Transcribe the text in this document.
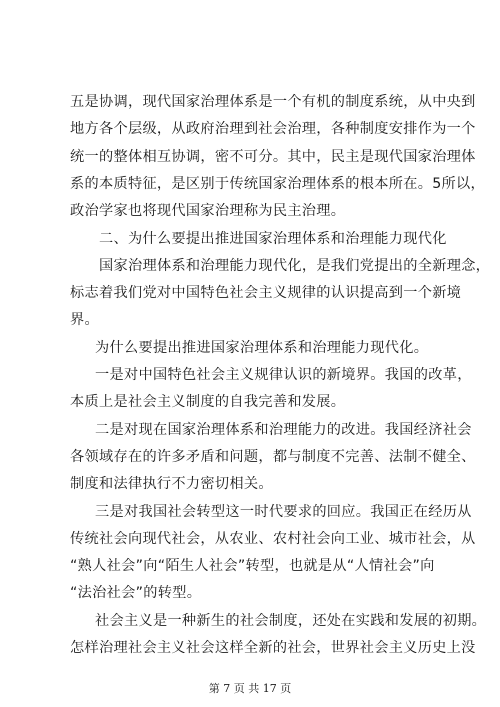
五是协调，现代国家治理体系是一个有机的制度系统，从中央到
地方各个层级，从政府治理到社会治理，各种制度安排作为一个
统一的整体相互协调，密不可分。其中，民主是现代国家治理体
系的本质特征，是区别于传统国家治理体系的根本所在。5所以，
政治学家也将现代国家治理称为民主治理。
二、为什么要提出推进国家治理体系和治理能力现代化
国家治理体系和治理能力现代化，是我们党提出的全新理念，
标志着我们党对中国特色社会主义规律的认识提高到一个新境
界。
为什么要提出推进国家治理体系和治理能力现代化。
一是对中国特色社会主义规律认识的新境界。我国的改革，
本质上是社会主义制度的自我完善和发展。
二是对现在国家治理体系和治理能力的改进。我国经济社会
各领域存在的许多矛盾和问题，都与制度不完善、法制不健全、
制度和法律执行不力密切相关。
三是对我国社会转型这一时代要求的回应。我国正在经历从
传统社会向现代社会，从农业、农村社会向工业、城市社会，从
“熟人社会”向“陌生人社会”转型，也就是从“人情社会”向
“法治社会”的转型。
社会主义是一种新生的社会制度，还处在实践和发展的初期。
怎样治理社会主义社会这样全新的社会，世界社会主义历史上没
第 7 页 共 17 页
